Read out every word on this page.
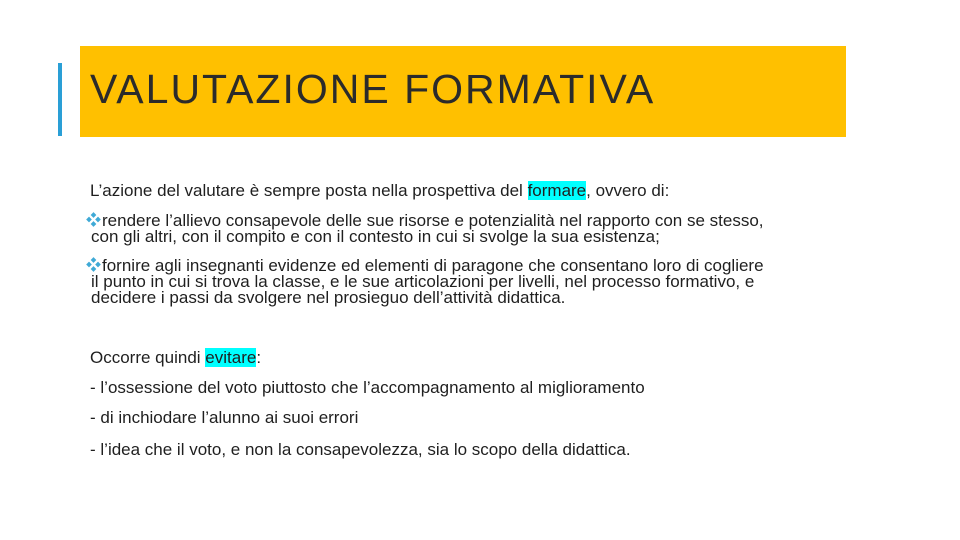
VALUTAZIONE FORMATIVA
L’azione del valutare è sempre posta nella prospettiva del formare, ovvero di:
rendere l’allievo consapevole delle sue risorse e potenzialità nel rapporto con se stesso,
con gli altri, con il compito e con il contesto in cui si svolge la sua esistenza;
fornire agli insegnanti evidenze ed elementi di paragone che consentano loro di cogliere
il punto in cui si trova la classe, e le sue articolazioni per livelli, nel processo formativo, e
decidere i passi da svolgere nel prosieguo dell’attività didattica.
Occorre quindi evitare:
- l’ossessione del voto piuttosto che l’accompagnamento al miglioramento
- di inchiodare l’alunno ai suoi errori
- l’idea che il voto, e non la consapevolezza, sia lo scopo della didattica.
